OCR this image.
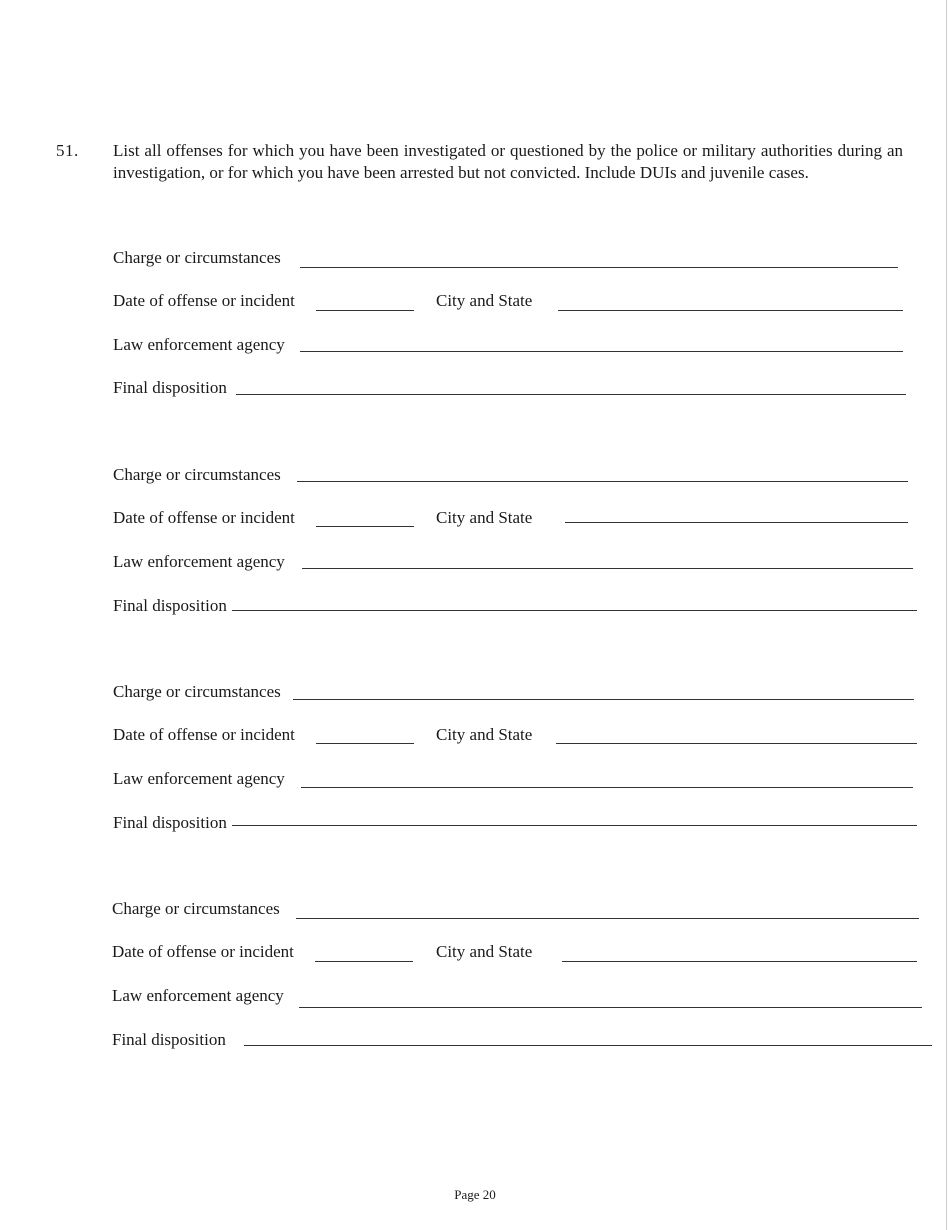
51. List all offenses for which you have been investigated or questioned by the police or military authorities during an investigation, or for which you have been arrested but not convicted. Include DUIs and juvenile cases.
Charge or circumstances
Date of offense or incident	City and State
Law enforcement agency
Final disposition
Charge or circumstances
Date of offense or incident	City and State
Law enforcement agency
Final disposition
Charge or circumstances
Date of offense or incident	City and State
Law enforcement agency
Final disposition
Charge or circumstances
Date of offense or incident	City and State
Law enforcement agency
Final disposition
Page 20
